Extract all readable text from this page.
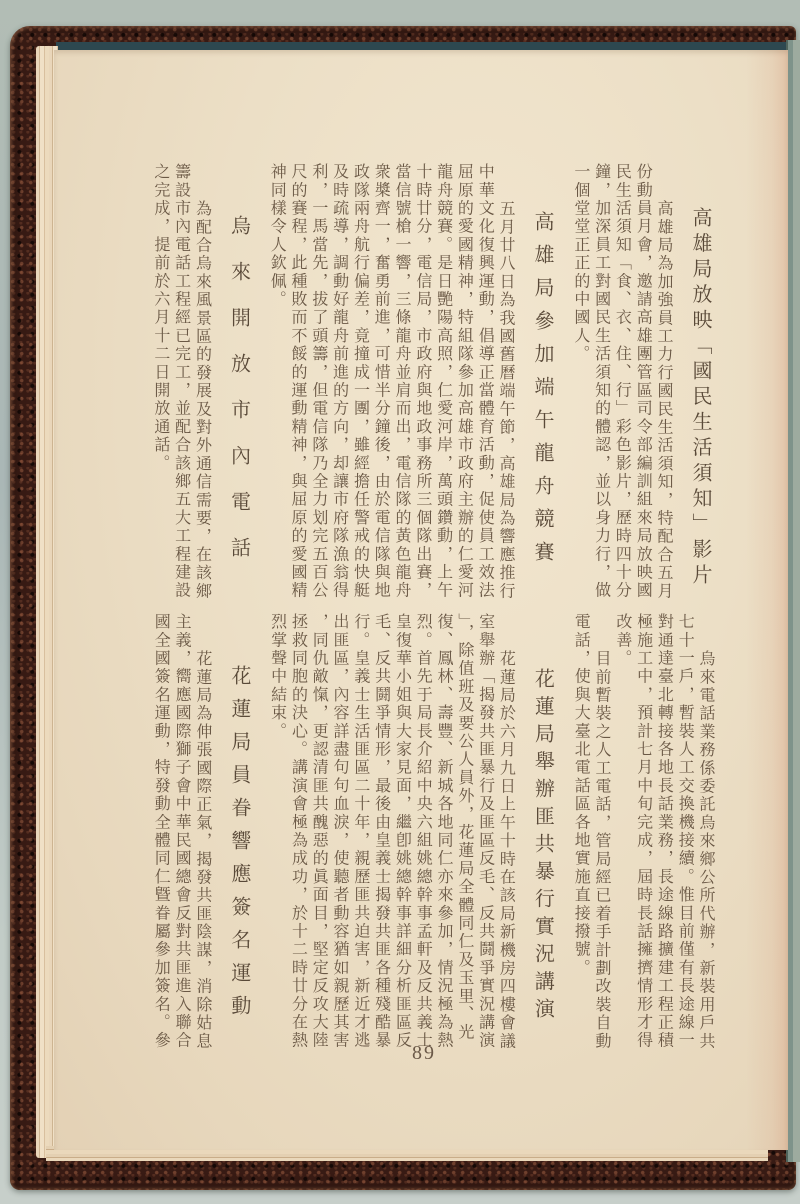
高雄局放映「國民生活須知」影片

高雄局為加強員工力行國民生活須知，特配合五月份動員月會，邀請高雄團管區司令部編訓組來局放映國民生活須知「食、衣、住、行」彩色影片，歷時四十分鐘，加深員工對國民生活須知的體認，並以身力行，做一個堂堂正正的中國人。

高雄局參加端午龍舟競賽

五月廿八日為我國舊曆端午節，高雄局為響應推行中華文化復興運動，倡導正當體育活動，促使員工效法屈原的愛國精神，特組隊參加高雄市政府主辦的仁愛河龍舟競賽。是日艷陽高照，仁愛河岸，萬頭鑽動，上午十時廿分，電信局，市政府與地政事務所三個隊出賽，當信號槍一響，三條龍舟並肩而出，電信隊的黃色龍舟衆槳齊一，奮勇前進，可惜半分鐘後，由於電信隊與地政隊兩舟航行偏差，竟撞成一團，雖經擔任警戒的快艇及時疏導，調動好龍舟前進的方向，却讓市府隊漁翁得利，一馬當先，拔了頭籌，但電信隊乃全力划完五百公尺的賽程，此種敗而不餒的運動精神，與屈原的愛國精神同樣令人欽佩。

烏來開放市內電話

為配合烏來風景區的發展及對外通信需要，在該鄉籌設市內電話工程經已完工，並配合該鄉五大工程建設之完成，提前於六月十二日開放通話。

烏來電話業務係委託烏來鄉公所代辦，新裝用戶共七十一戶，暫裝人工交換機接續。惟目前僅有長途線一對通達臺北轉接各地長話業務，長途線路擴建工程正積極施工中，預計七月中旬完成，屆時長話擁擠情形才得改善。

目前暫裝之人工電話，管局經已着手計劃改裝自動電話，使與大臺北電話區各地實施直接撥號。

花蓮局舉辦匪共暴行實況講演

花蓮局於六月九日上午十時在該局新機房四樓會議室舉辦「揭發共匪暴行及匪區反毛、反共鬪爭實況講演」，除值班及要公人員外，花蓮局全體同仁及玉里、光復、鳳林、壽豐、新城各地同仁亦來參加，情況極為熱烈。首先于局長介紹中央六組姚總幹事孟軒及反共義士皇復華小姐與大家見面，繼卽姚總幹事詳細分析匪區反毛、反共鬪爭情形，最後由皇義士揭發共匪各種殘酷暴行。皇義士生活匪區二十年，親歷匪共迫害，新近才逃出匪區，內容詳盡句句血淚，使聽者動容猶如親歷其害，同仇敵愾，更認清匪共醜惡的眞面目，堅定反攻大陸拯救同胞的決心。講演會極為成功，於十二時廿分在熱烈掌聲中結束。

花蓮局員眷響應簽名運動

花蓮局為伸張國際正氣，揭發共匪陰謀，消除姑息主義，嚮應國際獅子會中華民國總會反對共匪進入聯合國全國簽名運動，特發動全體同仁曁眷屬參加簽名。參

89
